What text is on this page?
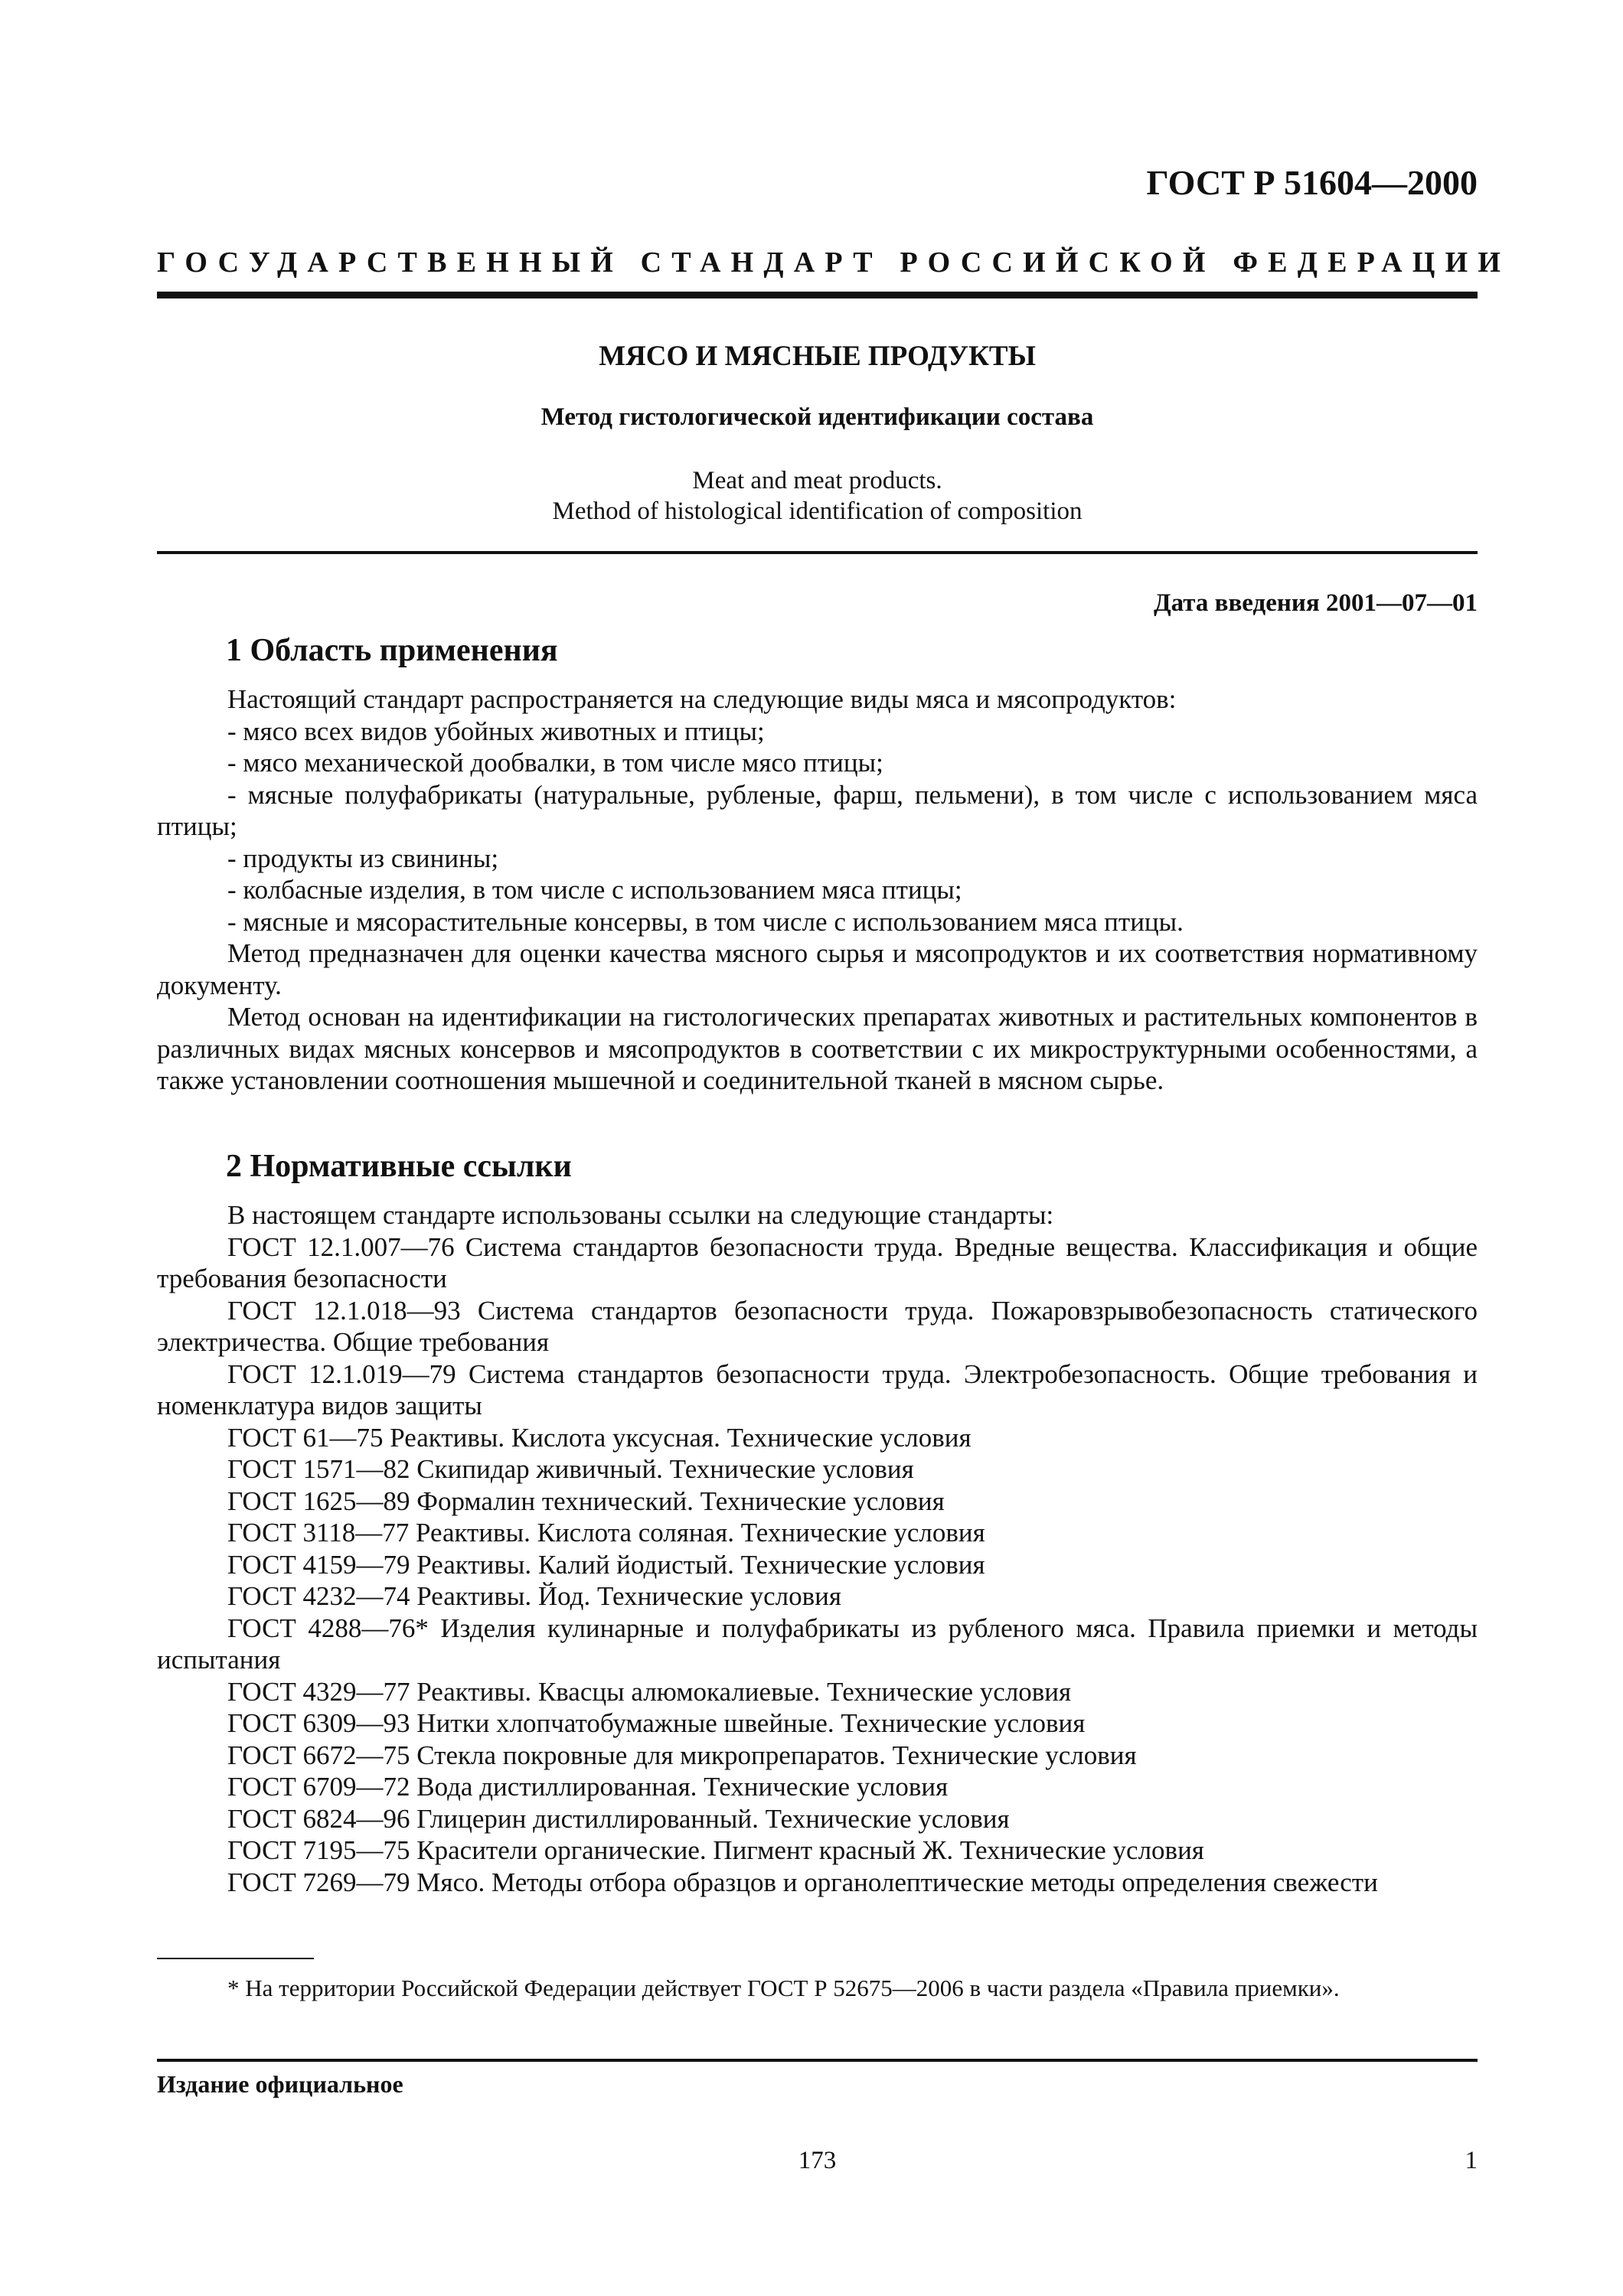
ГОСТ Р 51604—2000
ГОСУДАРСТВЕННЫЙ СТАНДАРТ РОССИЙСКОЙ ФЕДЕРАЦИИ
МЯСО И МЯСНЫЕ ПРОДУКТЫ
Метод гистологической идентификации состава
Meat and meat products.
Method of histological identification of composition
Дата введения 2001—07—01
1 Область применения

Настоящий стандарт распространяется на следующие виды мяса и мясопродуктов:

- мясо всех видов убойных животных и птицы;

- мясо механической дообвалки, в том числе мясо птицы;

- мясные полуфабрикаты (натуральные, рубленые, фарш, пельмени), в том числе с использованием мяса птицы;

- продукты из свинины;

- колбасные изделия, в том числе с использованием мяса птицы;

- мясные и мясорастительные консервы, в том числе с использованием мяса птицы.

Метод предназначен для оценки качества мясного сырья и мясопродуктов и их соответствия нормативному документу.

Метод основан на идентификации на гистологических препаратах животных и растительных компонентов в различных видах мясных консервов и мясопродуктов в соответствии с их микроструктурными особенностями, а также установлении соотношения мышечной и соединительной тканей в мясном сырье.

2 Нормативные ссылки

В настоящем стандарте использованы ссылки на следующие стандарты:

ГОСТ 12.1.007—76 Система стандартов безопасности труда. Вредные вещества. Классификация и общие требования безопасности

ГОСТ 12.1.018—93 Система стандартов безопасности труда. Пожаровзрывобезопасность статического электричества. Общие требования

ГОСТ 12.1.019—79 Система стандартов безопасности труда. Электробезопасность. Общие требования и номенклатура видов защиты

ГОСТ 61—75 Реактивы. Кислота уксусная. Технические условия

ГОСТ 1571—82 Скипидар живичный. Технические условия

ГОСТ 1625—89 Формалин технический. Технические условия

ГОСТ 3118—77 Реактивы. Кислота соляная. Технические условия

ГОСТ 4159—79 Реактивы. Калий йодистый. Технические условия

ГОСТ 4232—74 Реактивы. Йод. Технические условия

ГОСТ 4288—76* Изделия кулинарные и полуфабрикаты из рубленого мяса. Правила приемки и методы испытания

ГОСТ 4329—77 Реактивы. Квасцы алюмокалиевые. Технические условия

ГОСТ 6309—93 Нитки хлопчатобумажные швейные. Технические условия

ГОСТ 6672—75 Стекла покровные для микропрепаратов. Технические условия

ГОСТ 6709—72 Вода дистиллированная. Технические условия

ГОСТ 6824—96 Глицерин дистиллированный. Технические условия

ГОСТ 7195—75 Красители органические. Пигмент красный Ж. Технические условия

ГОСТ 7269—79 Мясо. Методы отбора образцов и органолептические методы определения свежести

* На территории Российской Федерации действует ГОСТ Р 52675—2006 в части раздела «Правила приемки».

Издание официальное
173	1
